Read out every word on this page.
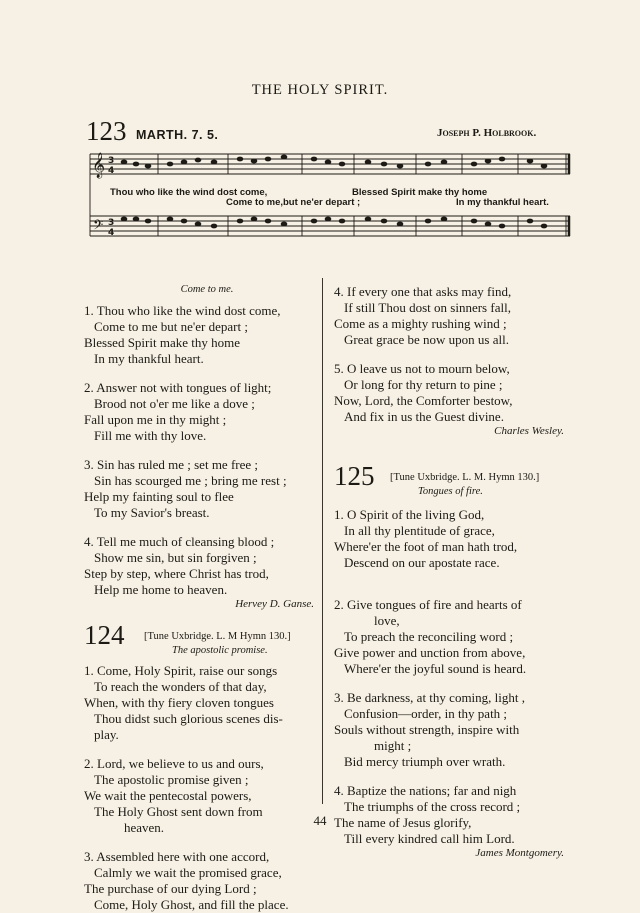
THE HOLY SPIRIT.
123 MARTH. 7. 5.	Joseph P. Holbrook.
𝄞 3
4
𝄢 3
4
Thou who like the wind dost come,	Blessed Spirit make thy home
Come to me,but ne'er depart ;	In my thankful heart.
Come to me.
1. Thou who like the wind dost come,
Come to me but ne'er depart ;
Blessed Spirit make thy home
In my thankful heart.
2. Answer not with tongues of light;
Brood not o'er me like a dove ;
Fall upon me in thy might ;
Fill me with thy love.
3. Sin has ruled me ; set me free ;
Sin has scourged me ; bring me rest ;
Help my fainting soul to flee
To my Savior's breast.
4. Tell me much of cleansing blood ;
Show me sin, but sin forgiven ;
Step by step, where Christ has trod,
Help me home to heaven.
Hervey D. Ganse.
124 [Tune Uxbridge. L. M Hymn 130.]
The apostolic promise.
1. Come, Holy Spirit, raise our songs
To reach the wonders of that day,
When, with thy fiery cloven tongues
Thou didst such glorious scenes dis-
play.
2. Lord, we believe to us and ours,
The apostolic promise given ;
We wait the pentecostal powers,
The Holy Ghost sent down from
heaven.
3. Assembled here with one accord,
Calmly we wait the promised grace,
The purchase of our dying Lord ;
Come, Holy Ghost, and fill the place.
4. If every one that asks may find,
If still Thou dost on sinners fall,
Come as a mighty rushing wind ;
Great grace be now upon us all.
5. O leave us not to mourn below,
Or long for thy return to pine ;
Now, Lord, the Comforter bestow,
And fix in us the Guest divine.
Charles Wesley.
125 [Tune Uxbridge. L. M. Hymn 130.]
Tongues of fire.
1. O Spirit of the living God,
In all thy plentitude of grace,
Where'er the foot of man hath trod,
Descend on our apostate race.
2. Give tongues of fire and hearts of
love,
To preach the reconciling word ;
Give power and unction from above,
Where'er the joyful sound is heard.
3. Be darkness, at thy coming, light ,
Confusion—order, in thy path ;
Souls without strength, inspire with
might ;
Bid mercy triumph over wrath.
4. Baptize the nations; far and nigh
The triumphs of the cross record ;
The name of Jesus glorify,
Till every kindred call him Lord.
James Montgomery.
44
